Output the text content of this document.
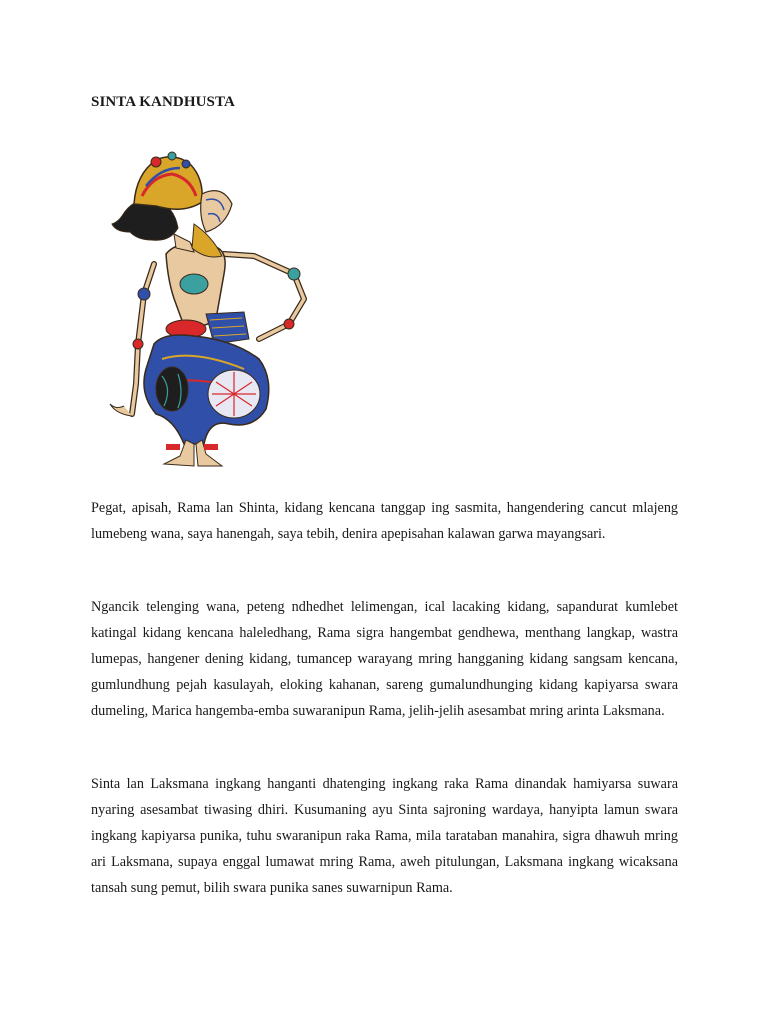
SINTA KANDHUSTA

Pegat, apisah, Rama lan Shinta, kidang kencana tanggap ing sasmita, hangendering cancut mlajeng lumebeng wana, saya hanengah, saya tebih, denira apepisahan kalawan garwa mayangsari.

Ngancik telenging wana, peteng ndhedhet lelimengan, ical lacaking kidang, sapandurat kumlebet katingal kidang kencana haleledhang, Rama sigra hangembat gendhewa, menthang langkap, wastra lumepas, hangener dening kidang, tumancep warayang mring hangganing kidang sangsam kencana, gumlundhung pejah kasulayah, eloking kahanan, sareng gumalundhunging kidang kapiyarsa swara dumeling, Marica hangemba-emba suwaranipun Rama, jelih-jelih asesambat mring arinta Laksmana.

Sinta lan Laksmana ingkang hanganti dhatenging ingkang raka Rama dinandak hamiyarsa suwara nyaring asesambat tiwasing dhiri. Kusumaning ayu Sinta sajroning wardaya, hanyipta lamun swara ingkang kapiyarsa punika, tuhu swaranipun raka Rama, mila tarataban manahira, sigra dhawuh mring ari Laksmana, supaya enggal lumawat mring Rama, aweh pitulungan, Laksmana ingkang wicaksana tansah sung pemut, bilih swara punika sanes suwarnipun Rama.
